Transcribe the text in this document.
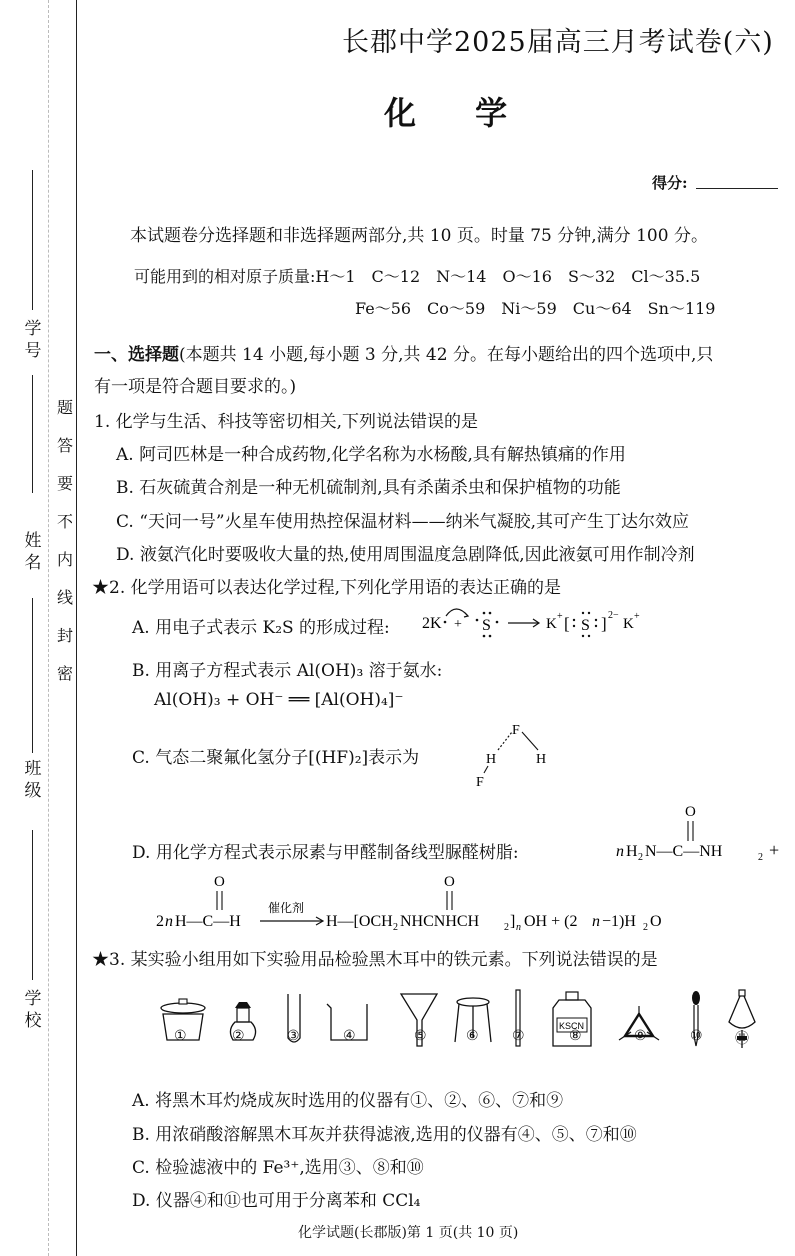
学 号
姓 名
班 级
学 校
题
答
要
不
内
线
封
密
长郡中学2025届高三月考试卷(六)
化 学
得分:
本试题卷分选择题和非选择题两部分,共 10 页。时量 75 分钟,满分 100 分。
可能用到的相对原子质量:H～1　C～12　N～14　O～16　S～32　Cl～35.5
Fe～56　Co～59　Ni～59　Cu～64　Sn～119
一、选择题(本题共 14 小题,每小题 3 分,共 42 分。在每小题给出的四个选项中,只
有一项是符合题目要求的。)
1. 化学与生活、科技等密切相关,下列说法错误的是
A. 阿司匹林是一种合成药物,化学名称为水杨酸,具有解热镇痛的作用
B. 石灰硫黄合剂是一种无机硫制剂,具有杀菌杀虫和保护植物的功能
C. “天问一号”火星车使用热控保温材料——纳米气凝胶,其可产生丁达尔效应
D. 液氨汽化时要吸收大量的热,使用周围温度急剧降低,因此液氨可用作制冷剂
★2. 化学用语可以表达化学过程,下列化学用语的表达正确的是
A. 用电子式表示 K₂S 的形成过程: 2K + S	K + [ S ] 2−
K +
B. 用离子方程式表示 Al(OH)₃ 溶于氨水:
Al(OH)₃ + OH⁻ ══ [Al(OH)₄]⁻
C. 气态二聚氟化氢分子[(HF)₂]表示为
F
H	H
F
D. 用化学方程式表示尿素与甲醛制备线型脲醛树脂:	n H 2 N—C—NH	2 +
O
2 n H—C—H
O
催化剂
H—[OCH 2 NHCNHCH
O
2 ] n OH + (2 n −1)H 2 O
★3. 某实验小组用如下实验用品检验黑木耳中的铁元素。下列说法错误的是
KSCN
①	②	③	④	⑤	⑥ ⑦	⑧	⑨	⑩ ⑪
A. 将黑木耳灼烧成灰时选用的仪器有①、②、⑥、⑦和⑨
B. 用浓硝酸溶解黑木耳灰并获得滤液,选用的仪器有④、⑤、⑦和⑩
C. 检验滤液中的 Fe³⁺,选用③、⑧和⑩
D. 仪器④和⑪也可用于分离苯和 CCl₄
化学试题(长郡版)第 1 页(共 10 页)
